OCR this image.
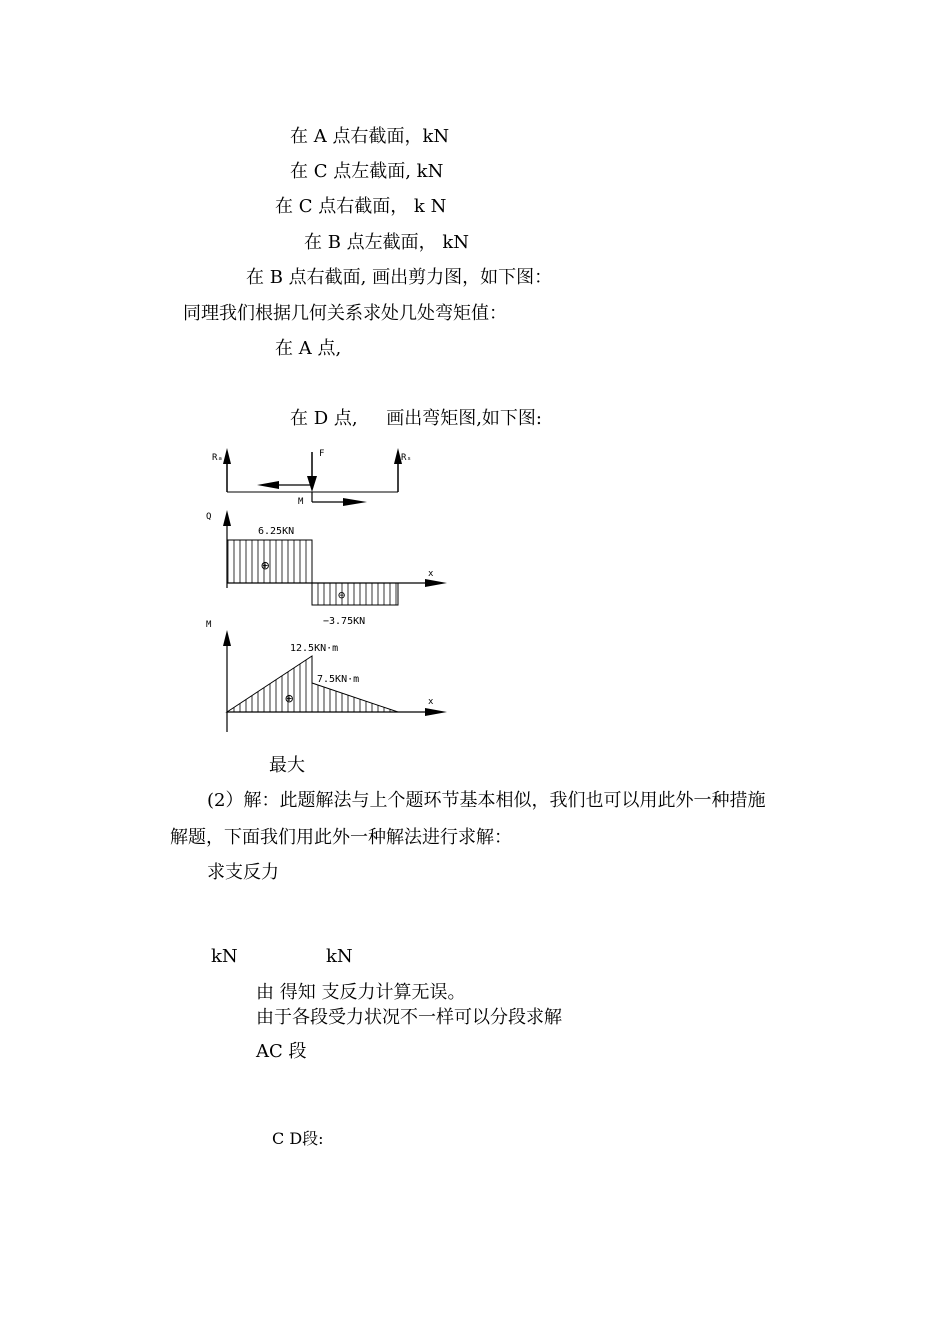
在 A 点右截面，kN
在 C 点左截面, kN
在 C 点右截面， k N
在 B 点左截面， kN
在 B 点右截面, 画出剪力图，如下图：
同理我们根据几何关系求处几处弯矩值：
在 A 点,
在 D 点,     画出弯矩图,如下图:
Rₐ	F	Rₛ
M
Q
x
6.25KN
−3.75KN
⊕
⊖
M
x
12.5KN·m
7.5KN·m
⊕
最大
(2）解：此题解法与上个题环节基本相似，我们也可以用此外一种措施
解题，下面我们用此外一种解法进行求解：
求支反力
kN	kN
由 得知 支反力计算无误。
由于各段受力状况不一样可以分段求解
AC 段
C D段:
